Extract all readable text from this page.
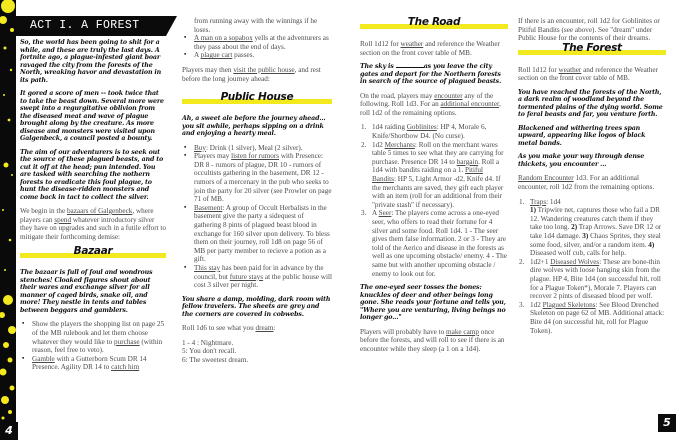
ACT I. A FOREST

So, the world has been going to shit for a while, and these are truly the last days. A fortnite ago, a plague-infested giant boar ravaged the city from the forests of the North, wreaking havor and devastation in its path.

It gored a score of men -- took twice that to take the beast down. Several more were swept into a regurgitative oblivion from the diseased meat and wave of plague brought along by the creature. As more disease and monsters were visited upon Galgenbeck, a council posted a bounty.

The aim of our adventurers is to seek out the source of these plagued beasts, and to cut it off at the head; pun intended. You are tasked with searching the nothern forests to eradicate this foul plague, to hunt the disease-ridden monsters and come back in tact to collect the silver.

We begin in the bazaars of Galgenbeck, where players can spend whatever introductory silver they have on upgrades and such in a futile effort to mitigate their forthcoming demise:

Bazaar

The bazaar is full of foul and wondrous stenches! Cloaked figures shout about their wares and exchange silver for all manner of caged birds, snake oil, and more! They nestle in tents and tables between beggars and gamblers.

▪ Show the players the shopping list on page 25 of the MB rulebook and let them choose whatever they would like to purchase (within reason, feel free to veto).
▪ Gamble with a Gutterborn Scum DR 14 Presence. Agility DR 14 to catch him

from running away with the winnings if he loses.

▪ A man on a sopabox yells at the adventurers as they pass about the end of days.
▪ A plague cart passes.

Players may then visit the public house, and rest before the long journey ahead:

Public House

Ah, a sweet ale before the journey ahead... you sit awhile, perhaps sipping on a drink and enjoying a hearty meal.

▪ Buy: Drink (1 silver), Meal (2 silver).
▪ Players may listen for rumors with Presence: DR 8 - rumors of plague, DR 10 - rumors of occultists gathering in the basement, DR 12 - rumors of a mercenary in the pub who seeks to join the party for 20 silver (see Prowler on page 71 of MB.
▪ Basement: A group of Occult Herbalists in the basement give the party a sidequest of gathering 8 pints of plagued beast blood in exchange for 160 silver upon delivery. To bless them on their journey, roll 1d8 on page 56 of MB per party member to recieve a potion as a gift.
▪ This stay has been paid for in advance by the council, but future stays at the public house will cost 3 silver per night.

You share a damp, molding, dark room with fellow travelers. The sheets are grey and the corners are covered in cobwebs.

Roll 1d6 to see what you dream:

1 - 4 : Nightmare.

5: You don't recall.

6: The sweetest dream.

4
The Road

Roll 1d12 for weather and reference the Weather section on the front cover table of MB.

The sky is	as you leave the city gates and depart for the Northern forests in search of the source of plagued beasts.

On the road, players may encounter any of the following. Roll 1d3. For an additional encounter, roll 1d2 of the remaining options.

1. 1d4 raiding Goblinites: HP 4, Morale 6, Knife/Shortbow D4. (No curse).
2. 1d2 Merchants: Roll on the merchant wares table 5 times to see what they are carrying for purchase. Presence DR 14 to bargain. Roll a 1d4 with bandits raiding on a 1. Pitiful Bandits: HP 5, Light Armor -d2, Knife d4. If the merchants are saved, they gift each player with an item (roll for an additional from their "private stash" if necessary).
3. A Seer: The players come across a one-eyed seer, who offers to read their fortune for 4 silver and some food. Roll 1d4. 1 - The seer gives them false information. 2 or 3 - They are told of the Aerico and disease in the forests as well as one upcoming obstacle/ enemy. 4 - The same but with another upcoming obstacle / enemy to look out for.

The one-eyed seer tosses the bones: knuckles of deer and other beings long gone. She reads your fortune and tells you, "Where you are venturing, living beings no longer go..."

Players will probably have to make camp once before the forests, and will roll to see if there is an encounter while they sleep (a 1 on a 1d4).

If there is an encounter, roll 1d2 for Goblinites or Pitiful Bandits (see above). See "dream" under Public House for the contents of their dreams.

The Forest

Roll 1d12 for weather and reference the Weather section on the front cover table of MB.

You have reached the forests of the North, a dark realm of woodland beyond the tormented plains of the dying world. Some to feral beasts and far, you venture forth.

Blackened and withering trees span upward, appearing like logos of black metal bands.

As you make your way through dense thickets, you encounter ...

Random Encounter 1d3. For an additional encounter, roll 1d2 from the remaining options.

1. Traps: 1d4
1) Tripwire net, captures those who fail a DR 12. Wandering creatures catch them if they take too long. 2) Trap Arrows. Save DR 12 or take 1d4 damage. 3) Chaos Sprites, they steal some food, silver, and/or a random item. 4) Diseased wolf cub, calls for help.
2. 1d2+1 Diseased Wolves: These are bone-thin dire wolves with loose hanging skin from the plague. HP 4, Bite 1d4 (on successful hit, roll for a Plague Token*), Morale 7. Players can recover 2 pints of diseased blood per wolf.
3. 1d2 Plagued Skeletons: See Blood Drenched Skeleton on page 62 of MB. Additional attack: Bite d4 (on successful hit, roll for Plague Token).
5
